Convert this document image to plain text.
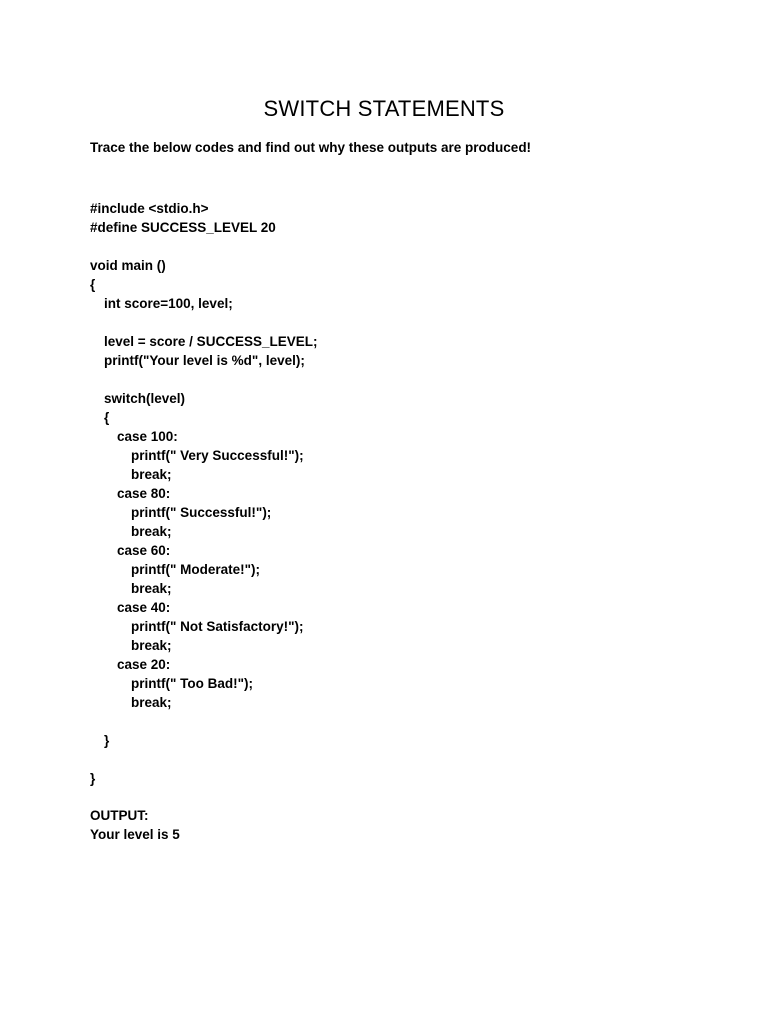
SWITCH STATEMENTS

Trace the below codes and find out why these outputs are produced!

#include <stdio.h>
#define SUCCESS_LEVEL 20
void main ()
{
int score=100, level;
level = score / SUCCESS_LEVEL;
printf("Your level is %d", level);
switch(level)
{
case 100:
printf(" Very Successful!");
break;
case 80:
printf(" Successful!");
break;
case 60:
printf(" Moderate!");
break;
case 40:
printf(" Not Satisfactory!");
break;
case 20:
printf(" Too Bad!");
break;
}
}
OUTPUT:
Your level is 5
